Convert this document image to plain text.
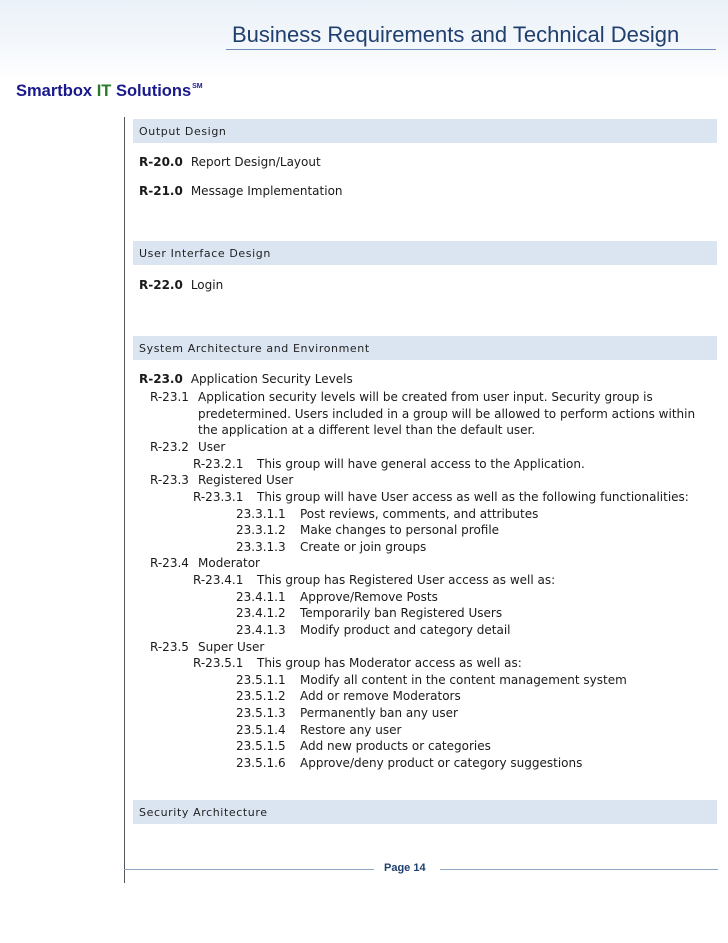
Business Requirements and Technical Design
Smartbox IT Solutions℠
Output Design
R-20.0 Report Design/Layout
R-21.0 Message Implementation
User Interface Design
R-22.0 Login
System Architecture and Environment
R-23.0 Application Security Levels
R-23.1 Application security levels will be created from user input. Security group is
predetermined. Users included in a group will be allowed to perform actions within
the application at a different level than the default user.
R-23.2 User
R-23.2.1 This group will have general access to the Application.
R-23.3 Registered User
R-23.3.1 This group will have User access as well as the following functionalities:
23.3.1.1 Post reviews, comments, and attributes
23.3.1.2 Make changes to personal profile
23.3.1.3 Create or join groups
R-23.4 Moderator
R-23.4.1 This group has Registered User access as well as:
23.4.1.1 Approve/Remove Posts
23.4.1.2 Temporarily ban Registered Users
23.4.1.3 Modify product and category detail
R-23.5 Super User
R-23.5.1 This group has Moderator access as well as:
23.5.1.1 Modify all content in the content management system
23.5.1.2 Add or remove Moderators
23.5.1.3 Permanently ban any user
23.5.1.4 Restore any user
23.5.1.5 Add new products or categories
23.5.1.6 Approve/deny product or category suggestions
Security Architecture
Page 14
